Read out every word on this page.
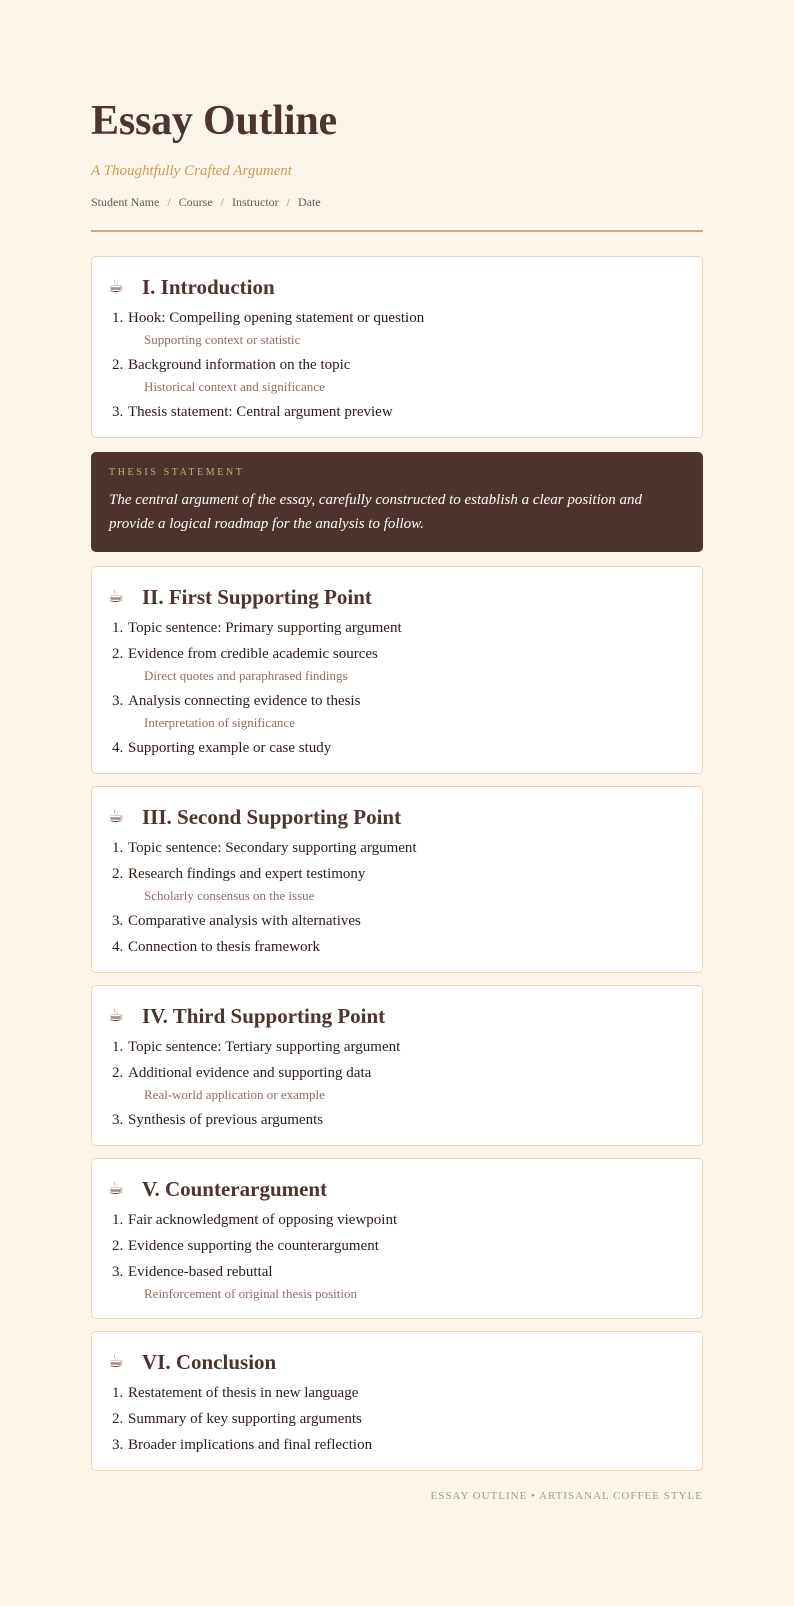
Essay Outline
A Thoughtfully Crafted Argument
Student Name / Course / Instructor / Date
☕ I. Introduction
1. Hook: Compelling opening statement or question
Supporting context or statistic
2. Background information on the topic
Historical context and significance
3. Thesis statement: Central argument preview
THESIS STATEMENT
The central argument of the essay, carefully constructed to establish a clear position and provide a logical roadmap for the analysis to follow.
☕ II. First Supporting Point
1. Topic sentence: Primary supporting argument
2. Evidence from credible academic sources
Direct quotes and paraphrased findings
3. Analysis connecting evidence to thesis
Interpretation of significance
4. Supporting example or case study
☕ III. Second Supporting Point
1. Topic sentence: Secondary supporting argument
2. Research findings and expert testimony
Scholarly consensus on the issue
3. Comparative analysis with alternatives
4. Connection to thesis framework
☕ IV. Third Supporting Point
1. Topic sentence: Tertiary supporting argument
2. Additional evidence and supporting data
Real-world application or example
3. Synthesis of previous arguments
☕ V. Counterargument
1. Fair acknowledgment of opposing viewpoint
2. Evidence supporting the counterargument
3. Evidence-based rebuttal
Reinforcement of original thesis position
☕ VI. Conclusion
1. Restatement of thesis in new language
2. Summary of key supporting arguments
3. Broader implications and final reflection
ESSAY OUTLINE • ARTISANAL COFFEE STYLE
